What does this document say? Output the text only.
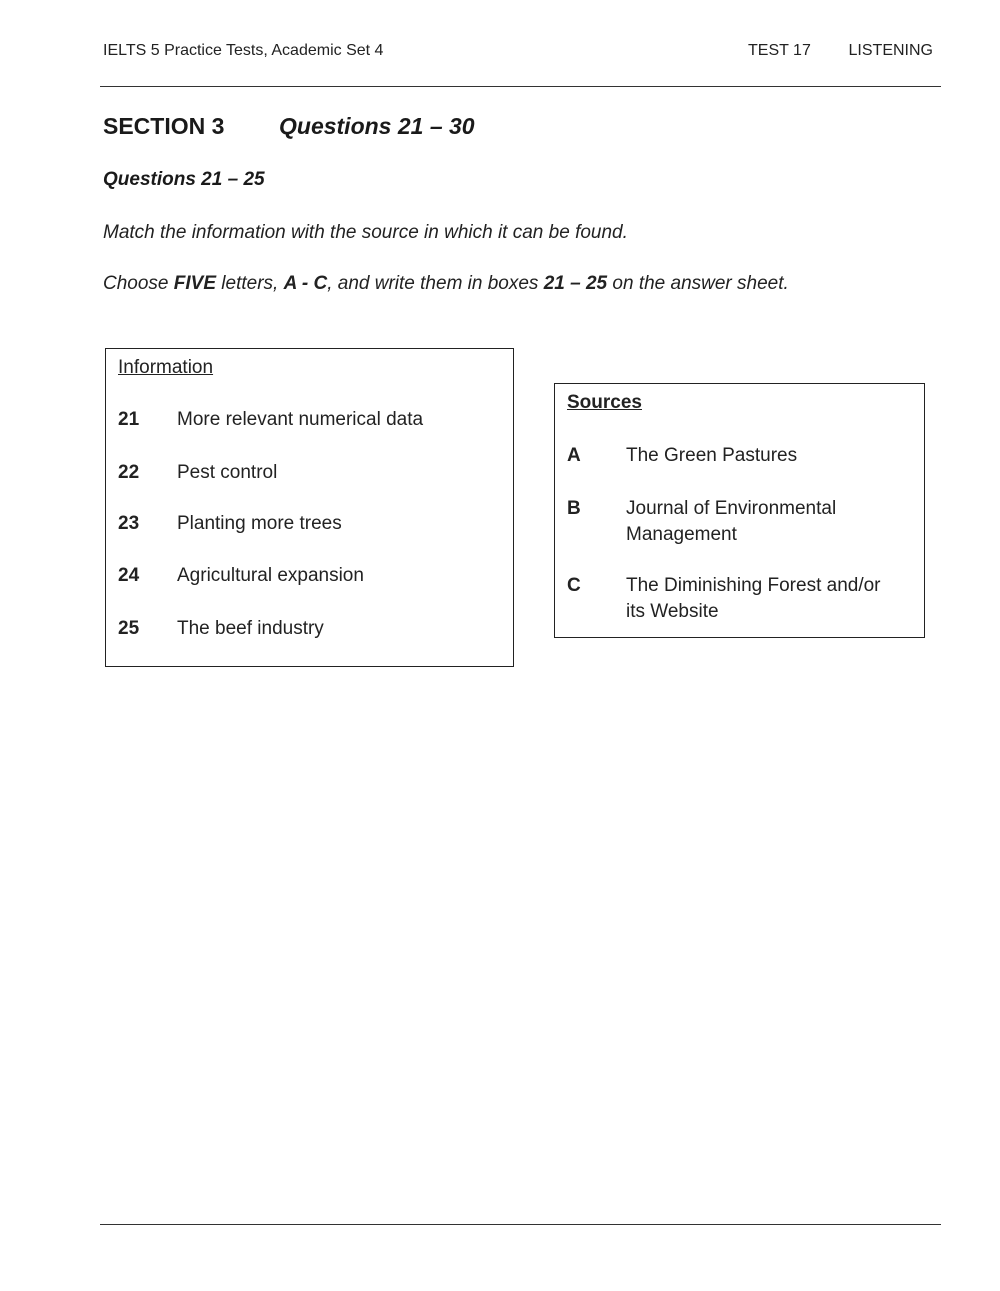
IELTS 5 Practice Tests, Academic Set 4	TEST 17 LISTENING
SECTION 3 Questions 21 – 30
Questions 21 – 25
Match the information with the source in which it can be found.
Choose FIVE letters, A - C, and write them in boxes 21 – 25 on the answer sheet.
Information
21 More relevant numerical data
22 Pest control
23 Planting more trees
24 Agricultural expansion
25 The beef industry
Sources
A The Green Pastures
B Journal of Environmental Management
C The Diminishing Forest and/or its Website
